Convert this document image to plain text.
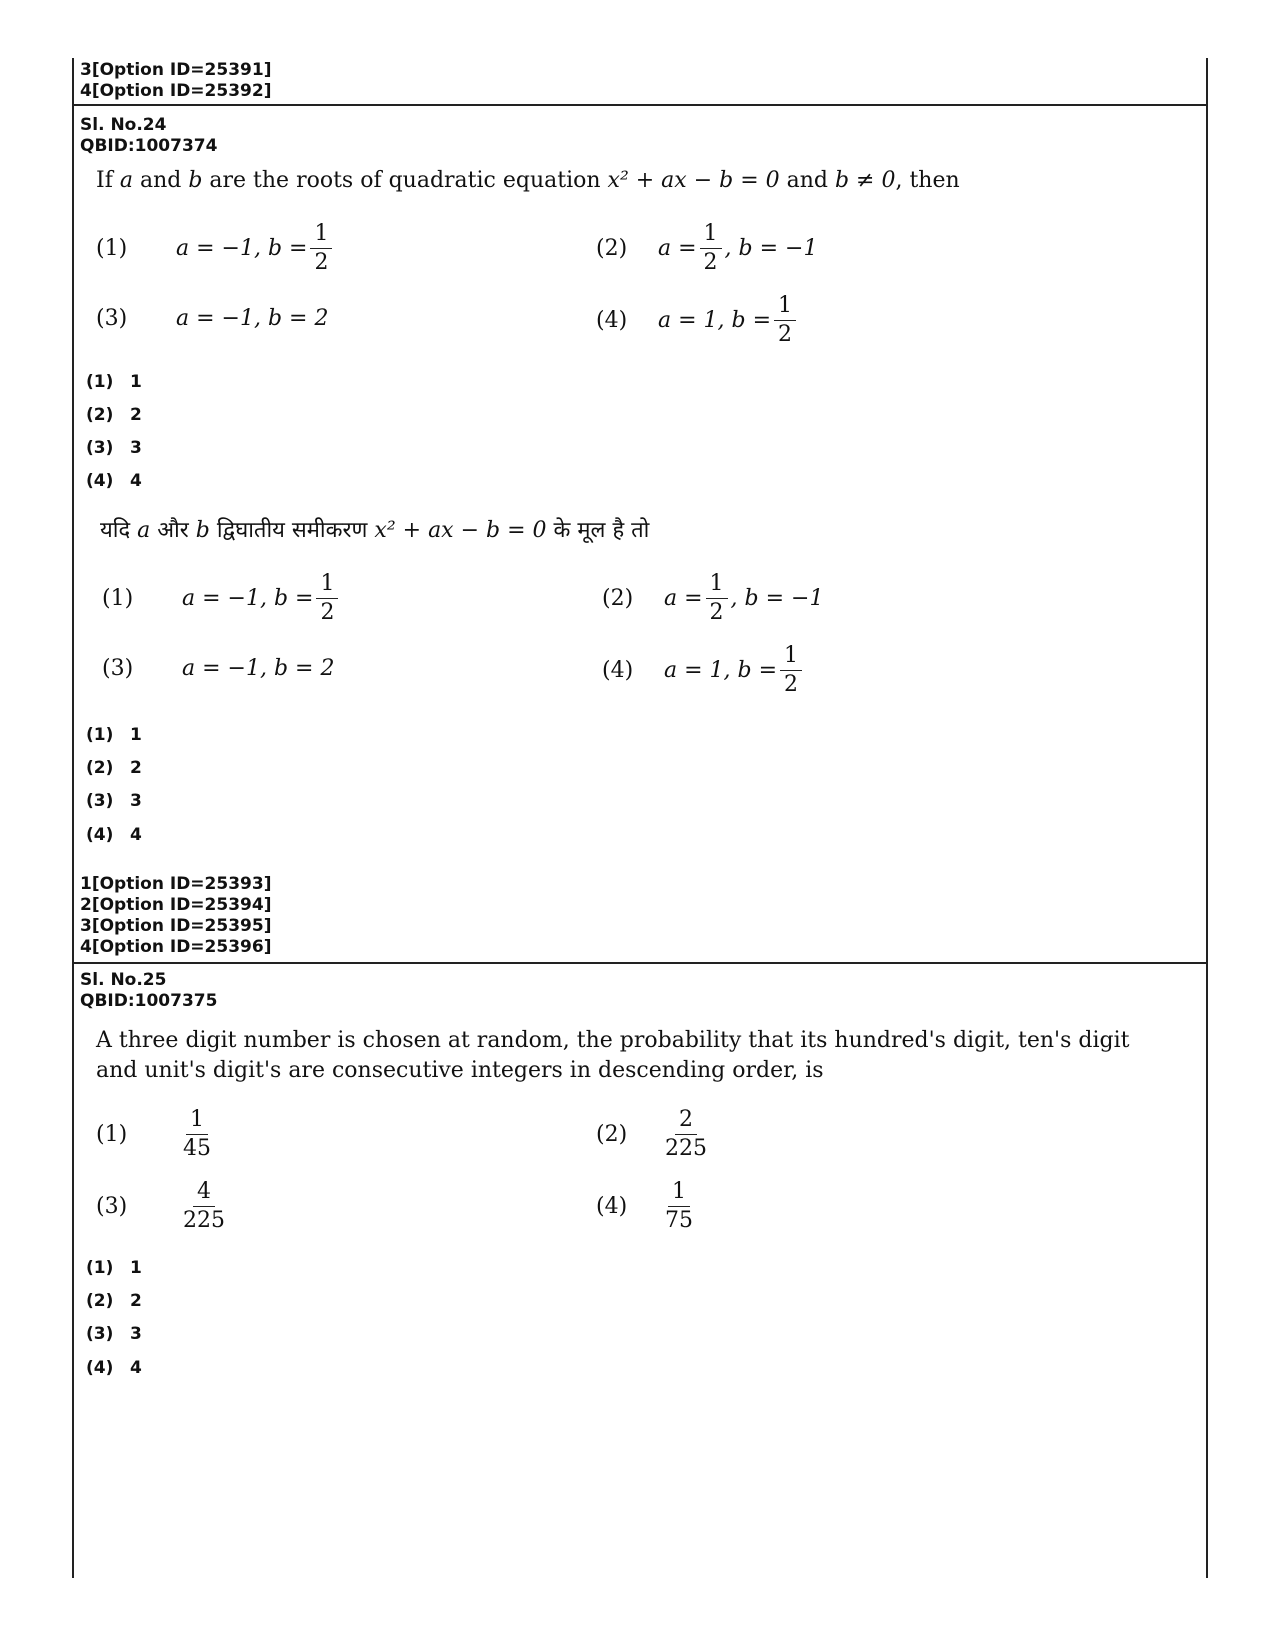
3[Option ID=25391]
4[Option ID=25392]
Sl. No.24
QBID:1007374
If a and b are the roots of quadratic equation x² + ax − b = 0 and b ≠ 0, then
(1)	a = −1, $b = \frac{1}{2}$	(2)	$a = \frac{1}{2}$ , b = −1
(3)	a = −1, b = 2	(4)	a = 1, $b = \frac{1}{2}$
(1) 1
(2) 2
(3) 3
(4) 4
यदि a और b द्विघातीय समीकरण x² + ax − b = 0 के मूल है तो
(1)	a = −1, $b = \frac{1}{2}$	(2)	$a = \frac{1}{2}$ , b = −1
(3)	a = −1, b = 2	(4)	a = 1, $b = \frac{1}{2}$
(1) 1
(2) 2
(3) 3
(4) 4
1[Option ID=25393]
2[Option ID=25394]
3[Option ID=25395]
4[Option ID=25396]
Sl. No.25
QBID:1007375
A three digit number is chosen at random, the probability that its hundred's digit, ten's digit
and unit's digit's are consecutive integers in descending order, is
(1)	$\frac{1}{45}$	(2)	$\frac{2}{225}$
(3)	$\frac{4}{225}$	(4)	$\frac{1}{75}$
(1) 1
(2) 2
(3) 3
(4) 4
